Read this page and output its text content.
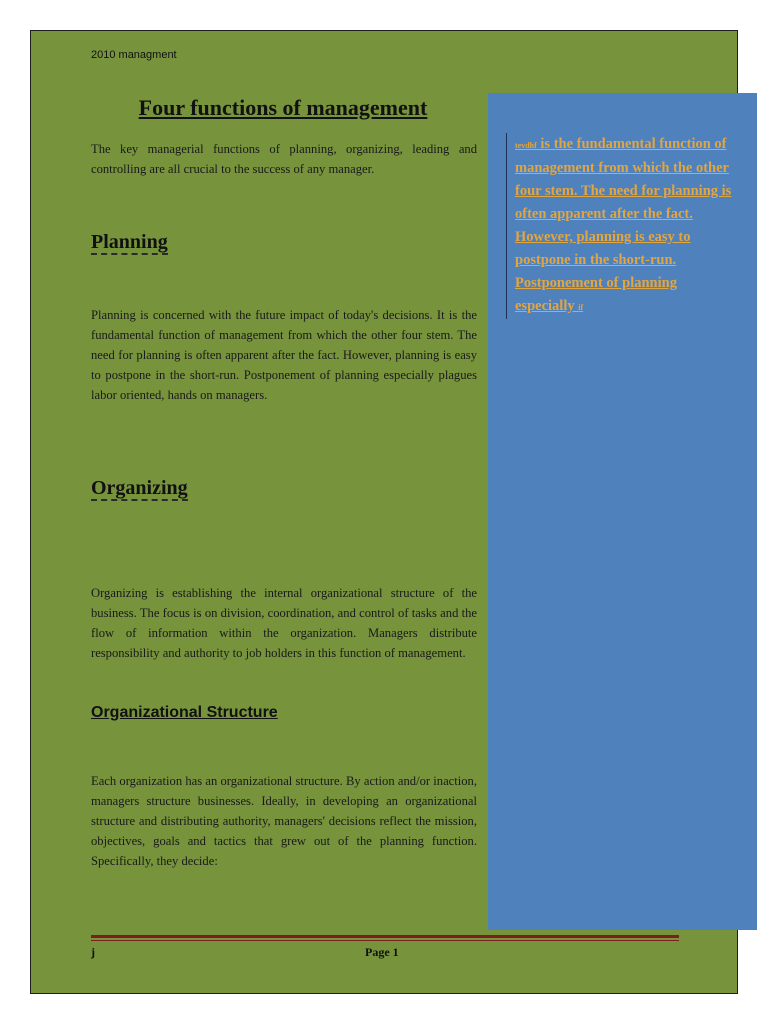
2010 managment
Four functions of management
The key managerial functions of planning, organizing, leading and controlling are all crucial to the success of any manager.
Planning
Planning is concerned with the future impact of today's decisions. It is the fundamental function of management from which the other four stem. The need for planning is often apparent after the fact. However, planning is easy to postpone in the short-run. Postponement of planning especially plagues labor oriented, hands on managers.
Organizing
Organizing is establishing the internal organizational structure of the business. The focus is on division, coordination, and control of tasks and the flow of information within the organization. Managers distribute responsibility and authority to job holders in this function of management.
Organizational Structure
Each organization has an organizational structure. By action and/or inaction, managers structure businesses. Ideally, in developing an organizational structure and distributing authority, managers' decisions reflect the mission, objectives, goals and tactics that grew out of the planning function. Specifically, they decide:
j	Page 1
tevdhf is the fundamental function of management from which the other four stem. The need for planning is often apparent after the fact. However, planning is easy to postpone in the short-run. Postponement of planning especially if
